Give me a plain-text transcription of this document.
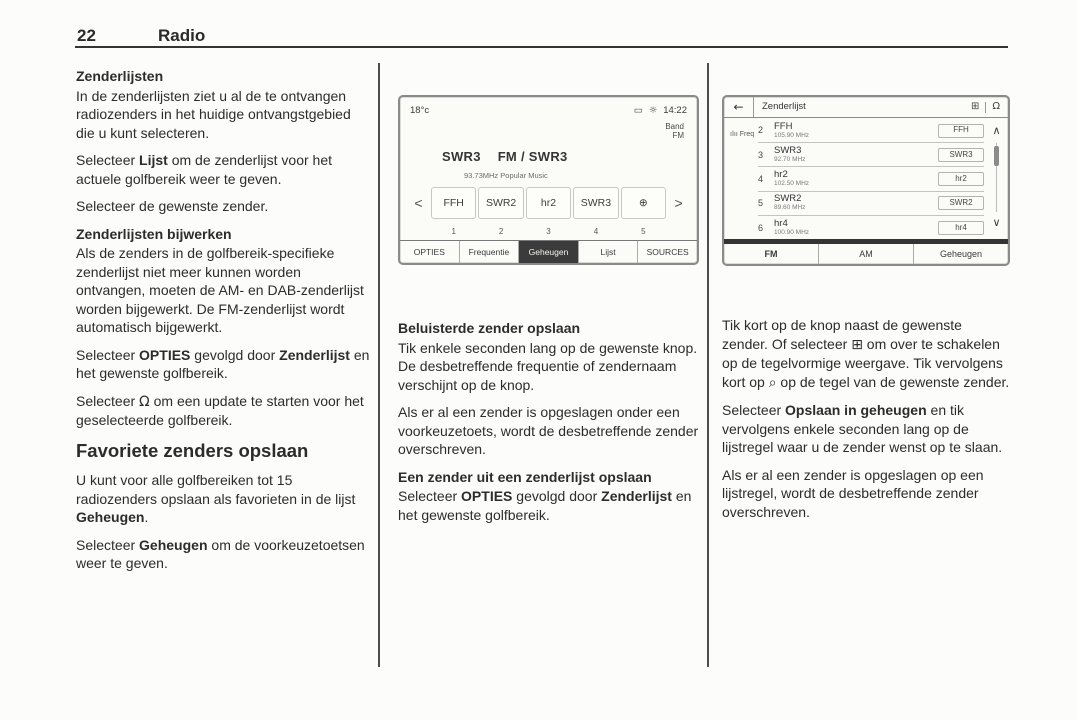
22	Radio
Zenderlijsten

In de zenderlijsten ziet u al de te ontvangen radiozenders in het huidige ontvangstgebied die u kunt selecteren.

Selecteer Lijst om de zenderlijst voor het actuele golfbereik weer te geven.

Selecteer de gewenste zender.

Zenderlijsten bijwerken

Als de zenders in de golfbereik-specifieke zenderlijst niet meer kunnen worden ontvangen, moeten de AM- en DAB-zenderlijst worden bijgewerkt. De FM-zenderlijst wordt automatisch bijgewerkt.

Selecteer OPTIES gevolgd door Zenderlijst en het gewenste golfbereik.

Selecteer Ω om een update te starten voor het geselecteerde golfbereik.

Favoriete zenders opslaan

U kunt voor alle golfbereiken tot 15 radiozenders opslaan als favorieten in de lijst Geheugen.

Selecteer Geheugen om de voorkeuzetoetsen weer te geven.

18°c	▭ ☼ 14:22
Band
FM
SWR3 FM / SWR3
93.73MHz Popular Music
<	FFH	SWR2	hr2	SWR3	⊕	>
1	2	3	4	5
OPTIES	Frequentie	Geheugen	Lijst	SOURCES
Beluisterde zender opslaan

Tik enkele seconden lang op de gewenste knop. De desbetreffende frequentie of zendernaam verschijnt op de knop.

Als er al een zender is opgeslagen onder een voorkeuzetoets, wordt de desbetreffende zender overschreven.

Een zender uit een zenderlijst opslaan

Selecteer OPTIES gevolgd door Zenderlijst en het gewenste golfbereik.

←	Zenderlijst	⊞ Ω
ılıı Freq 2	FFH
105.90 MHz
FFH
3	SWR3
92.70 MHz
SWR3
4	hr2
102.50 MHz
hr2
5	SWR2
89.60 MHz
SWR2
6	hr4
100.90 MHz
hr4
∧
∨
FM	AM	Geheugen

Tik kort op de knop naast de gewenste zender. Of selecteer ⊞ om over te schakelen op de tegelvormige weergave. Tik vervolgens kort op ⌕ op de tegel van de gewenste zender.

Selecteer Opslaan in geheugen en tik vervolgens enkele seconden lang op de lijstregel waar u de zender wenst op te slaan.

Als er al een zender is opgeslagen op een lijstregel, wordt de desbetreffende zender overschreven.
